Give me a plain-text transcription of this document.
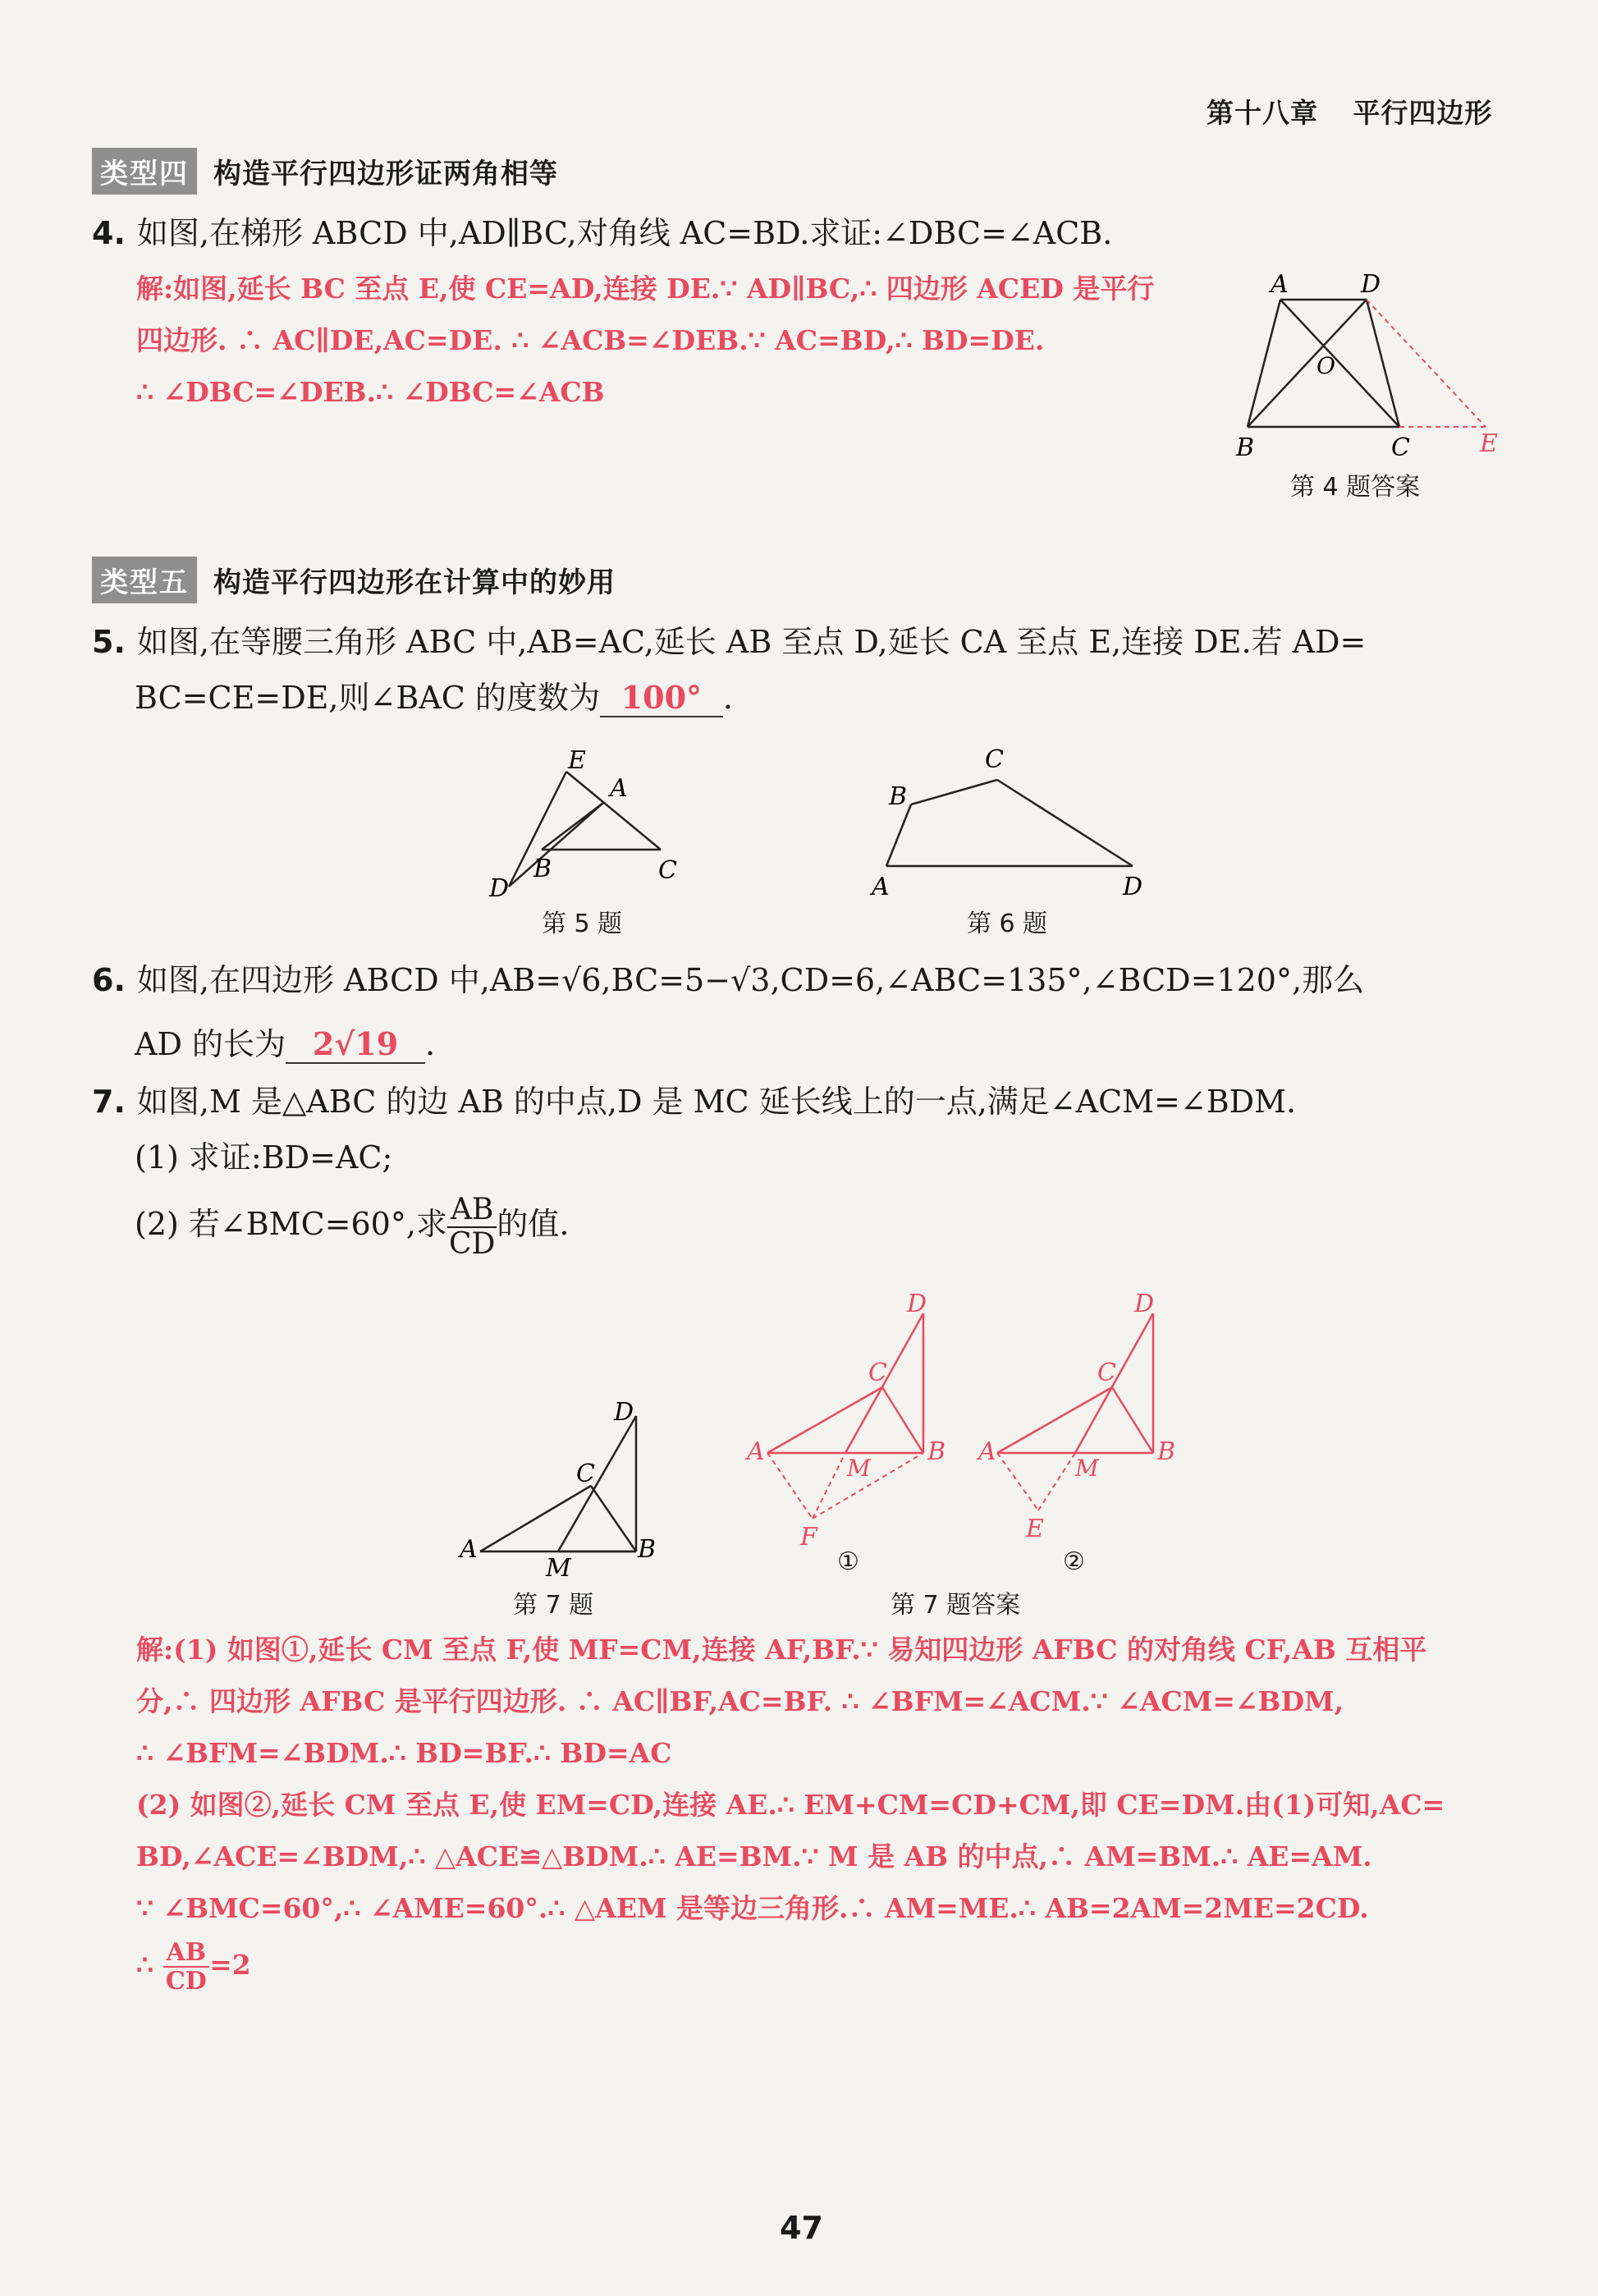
第十八章 平行四边形
类型四 构造平行四边形证两角相等
4. 如图,在梯形 ABCD 中,AD∥BC,对角线 AC=BD.求证:∠DBC=∠ACB.
解:如图,延长 BC 至点 E,使 CE=AD,连接 DE.∵ AD∥BC,∴ 四边形 ACED 是平行
四边形. ∴ AC∥DE,AC=DE. ∴ ∠ACB=∠DEB.∵ AC=BD,∴ BD=DE.
∴ ∠DBC=∠DEB.∴ ∠DBC=∠ACB
A	D
O
B	C	E
第 4 题答案
类型五 构造平行四边形在计算中的妙用
5. 如图,在等腰三角形 ABC 中,AB=AC,延长 AB 至点 D,延长 CA 至点 E,连接 DE.若 AD=
BC=CE=DE,则∠BAC 的度数为 100° .
E
A
B	C
D
第 5 题
B
C
A	D
第 6 题
6. 如图,在四边形 ABCD 中,AB=√6,BC=5−√3,CD=6,∠ABC=135°,∠BCD=120°,那么
AD 的长为 2√19 .
7. 如图,M 是△ABC 的边 AB 的中点,D 是 MC 延长线上的一点,满足∠ACM=∠BDM.
(1) 求证:BD=AC;
(2) 若∠BMC=60°,求 $\frac{AB}{CD}$ 的值.
D
C
A
M
B
第 7 题
D
C
A
M
B
F
①
D
C
A
M
B
E
②
第 7 题答案
解:(1) 如图①,延长 CM 至点 F,使 MF=CM,连接 AF,BF.∵ 易知四边形 AFBC 的对角线 CF,AB 互相平
分,∴ 四边形 AFBC 是平行四边形. ∴ AC∥BF,AC=BF. ∴ ∠BFM=∠ACM.∵ ∠ACM=∠BDM,
∴ ∠BFM=∠BDM.∴ BD=BF.∴ BD=AC
(2) 如图②,延长 CM 至点 E,使 EM=CD,连接 AE.∴ EM+CM=CD+CM,即 CE=DM.由(1)可知,AC=
BD,∠ACE=∠BDM,∴ △ACE≌△BDM.∴ AE=BM.∵ M 是 AB 的中点,∴ AM=BM.∴ AE=AM.
∵ ∠BMC=60°,∴ ∠AME=60°.∴ △AEM 是等边三角形.∴ AM=ME.∴ AB=2AM=2ME=2CD.
∴ $\frac{AB}{CD} =2$
47
